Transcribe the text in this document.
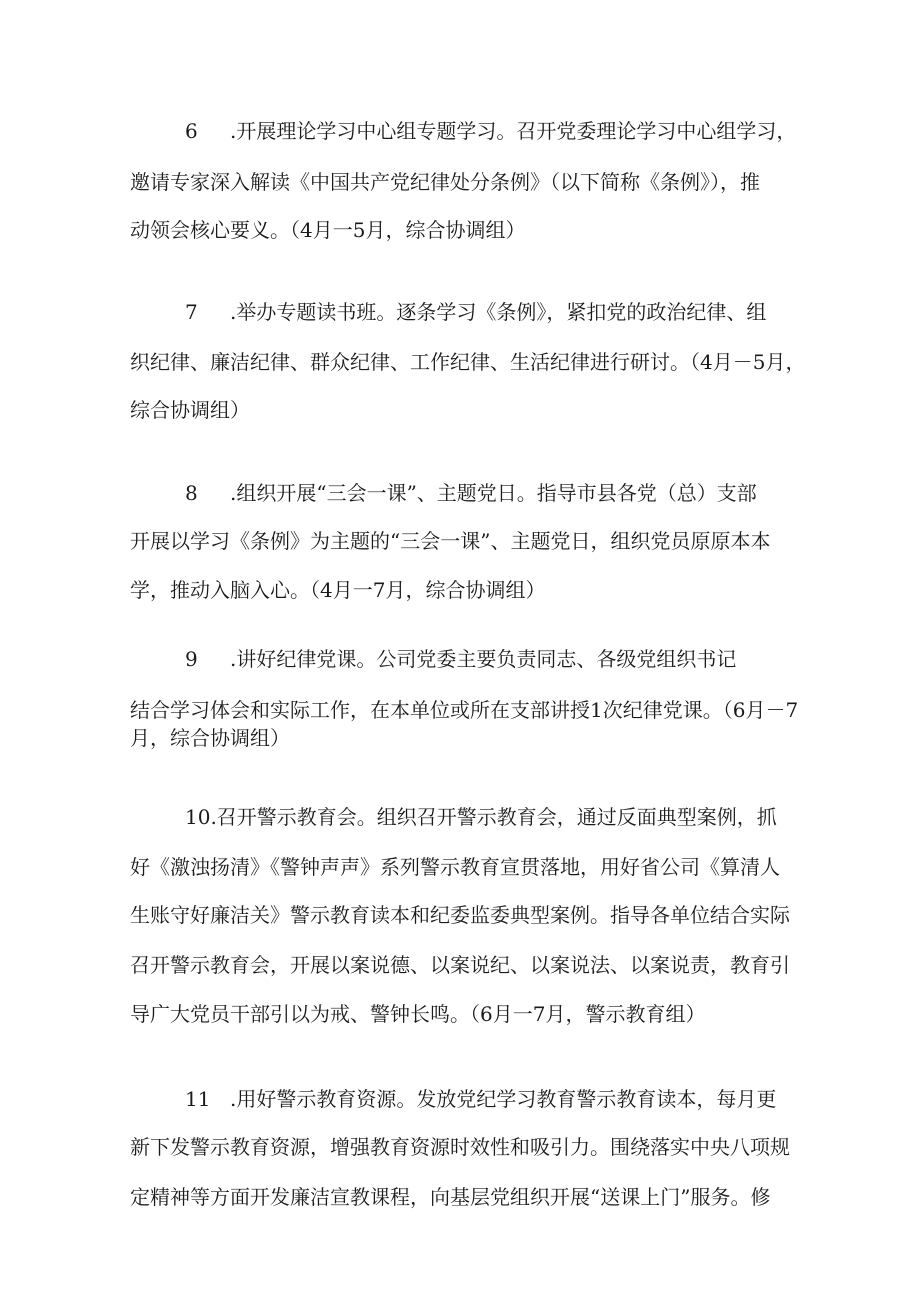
6 .开展理论学习中心组专题学习。召开党委理论学习中心组学习，
邀请专家深入解读《中国共产党纪律处分条例》（以下简称《条例》），推
动领会核心要义。（4月一5月，综合协调组）
7 .举办专题读书班。逐条学习《条例》，紧扣党的政治纪律、组
织纪律、廉洁纪律、群众纪律、工作纪律、生活纪律进行研讨。（4月－5月，
综合协调组）
8 .组织开展“三会一课”、主题党日。指导市县各党（总）支部
开展以学习《条例》为主题的“三会一课”、主题党日，组织党员原原本本
学，推动入脑入心。（4月一7月，综合协调组）
9 .讲好纪律党课。公司党委主要负责同志、各级党组织书记
结合学习体会和实际工作，在本单位或所在支部讲授1次纪律党课。（6月－7
月，综合协调组）
10.召开警示教育会。组织召开警示教育会，通过反面典型案例，抓
好《激浊扬清》《警钟声声》系列警示教育宣贯落地，用好省公司《算清人
生账守好廉洁关》警示教育读本和纪委监委典型案例。指导各单位结合实际
召开警示教育会，开展以案说德、以案说纪、以案说法、以案说责，教育引
导广大党员干部引以为戒、警钟长鸣。（6月一7月，警示教育组）
11 .用好警示教育资源。发放党纪学习教育警示教育读本，每月更
新下发警示教育资源，增强教育资源时效性和吸引力。围绕落实中央八项规
定精神等方面开发廉洁宣教课程，向基层党组织开展“送课上门”服务。修
